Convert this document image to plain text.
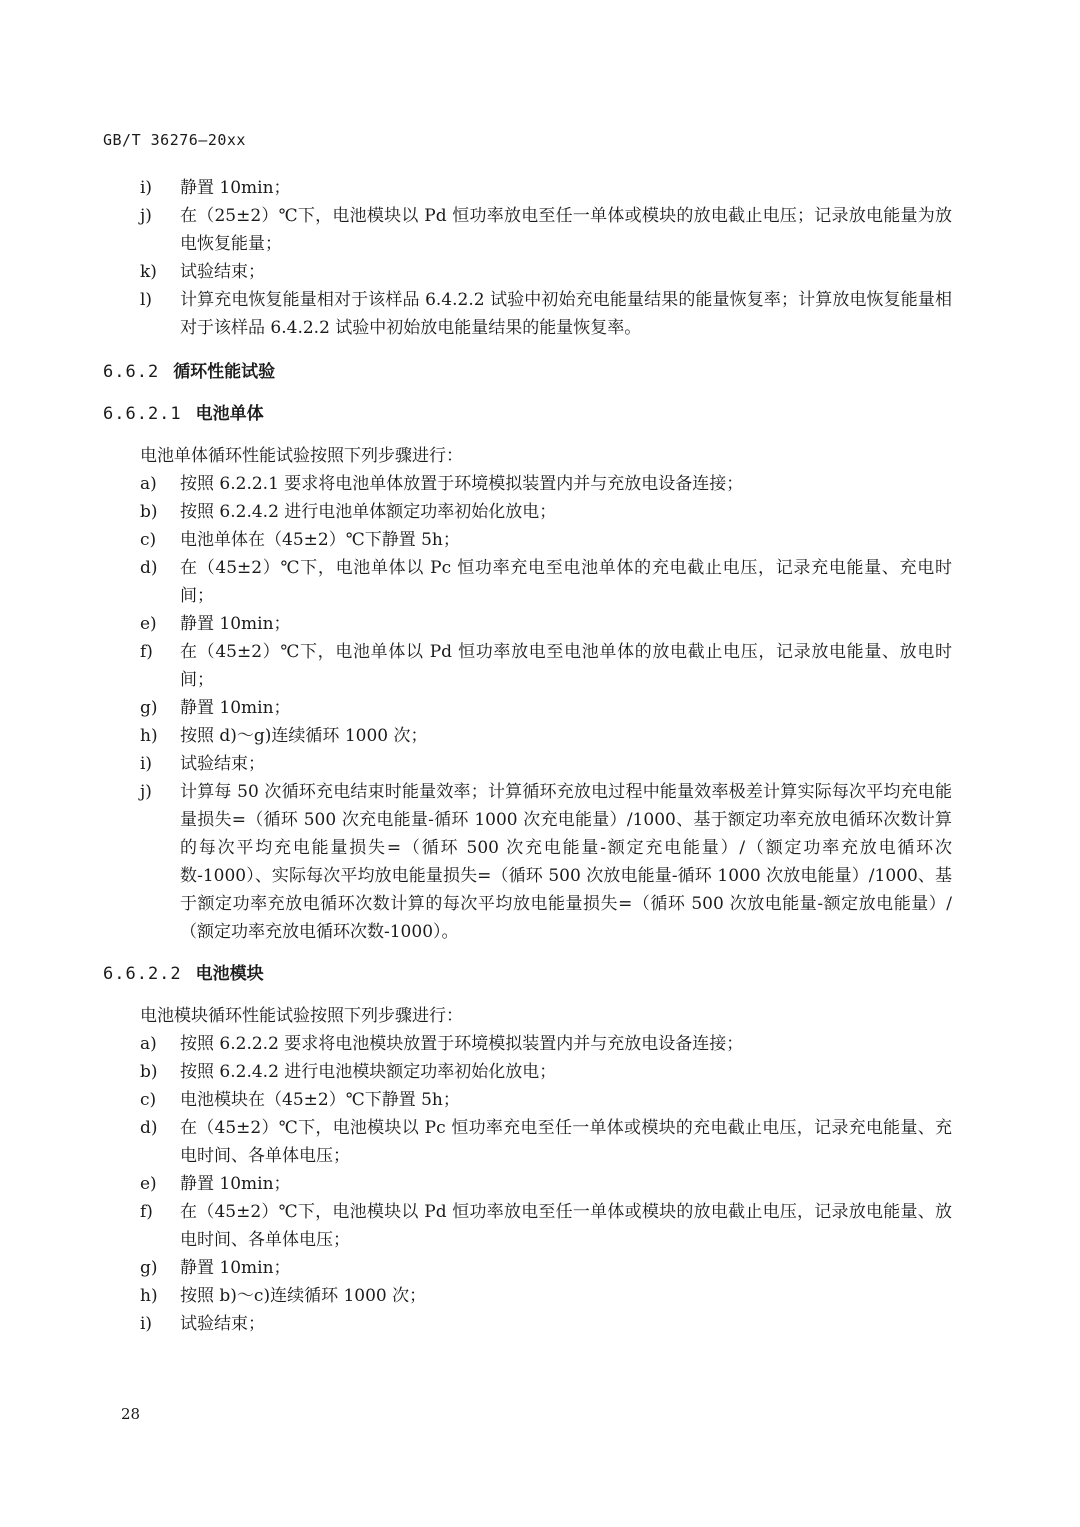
GB/T 36276—20xx
i)	静置 10min；
j)	在（25±2）℃下，电池模块以 Pd 恒功率放电至任一单体或模块的放电截止电压；记录放电能量为放电恢复能量；
k)	试验结束；
l)	计算充电恢复能量相对于该样品 6.4.2.2 试验中初始充电能量结果的能量恢复率；计算放电恢复能量相对于该样品 6.4.2.2 试验中初始放电能量结果的能量恢复率。
6.6.2 循环性能试验
6.6.2.1 电池单体
电池单体循环性能试验按照下列步骤进行：
a)	按照 6.2.2.1 要求将电池单体放置于环境模拟装置内并与充放电设备连接；
b)	按照 6.2.4.2 进行电池单体额定功率初始化放电；
c)	电池单体在（45±2）℃下静置 5h；
d)	在（45±2）℃下，电池单体以 Pc 恒功率充电至电池单体的充电截止电压，记录充电能量、充电时间；
e)	静置 10min；
f)	在（45±2）℃下，电池单体以 Pd 恒功率放电至电池单体的放电截止电压，记录放电能量、放电时间；
g)	静置 10min；
h)	按照 d)～g)连续循环 1000 次；
i)	试验结束；
j)	计算每 50 次循环充电结束时能量效率；计算循环充放电过程中能量效率极差计算实际每次平均充电能量损失=（循环 500 次充电能量-循环 1000 次充电能量）/1000、基于额定功率充放电循环次数计算的每次平均充电能量损失=（循环 500 次充电能量-额定充电能量）/（额定功率充放电循环次数-1000）、实际每次平均放电能量损失=（循环 500 次放电能量-循环 1000 次放电能量）/1000、基于额定功率充放电循环次数计算的每次平均放电能量损失=（循环 500 次放电能量-额定放电能量）/（额定功率充放电循环次数-1000）。
6.6.2.2 电池模块
电池模块循环性能试验按照下列步骤进行：
a)	按照 6.2.2.2 要求将电池模块放置于环境模拟装置内并与充放电设备连接；
b)	按照 6.2.4.2 进行电池模块额定功率初始化放电；
c)	电池模块在（45±2）℃下静置 5h；
d)	在（45±2）℃下，电池模块以 Pc 恒功率充电至任一单体或模块的充电截止电压，记录充电能量、充电时间、各单体电压；
e)	静置 10min；
f)	在（45±2）℃下，电池模块以 Pd 恒功率放电至任一单体或模块的放电截止电压，记录放电能量、放电时间、各单体电压；
g)	静置 10min；
h)	按照 b)～c)连续循环 1000 次；
i)	试验结束；
28
